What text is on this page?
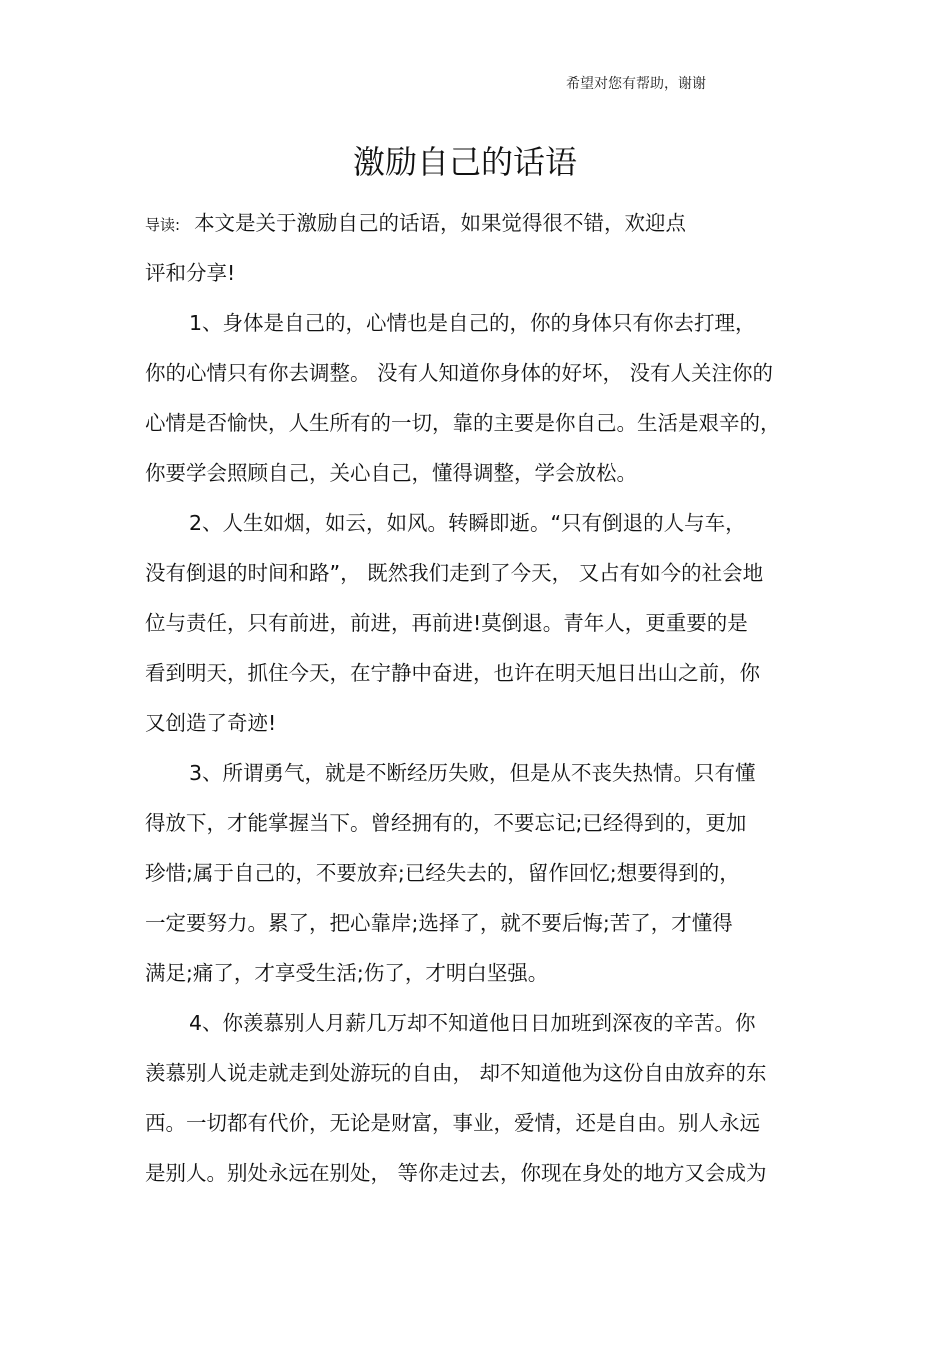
希望对您有帮助，谢谢
激励自己的话语
导读: 本文是关于激励自己的话语，如果觉得很不错，欢迎点
评和分享!
1、身体是自己的，心情也是自己的，你的身体只有你去打理，
你的心情只有你去调整。 没有人知道你身体的好坏， 没有人关注你的
心情是否愉快，人生所有的一切，靠的主要是你自己。生活是艰辛的，
你要学会照顾自己，关心自己，懂得调整，学会放松。
2、人生如烟，如云，如风。转瞬即逝。“只有倒退的人与车，
没有倒退的时间和路”， 既然我们走到了今天， 又占有如今的社会地
位与责任，只有前进，前进，再前进!莫倒退。青年人，更重要的是
看到明天，抓住今天，在宁静中奋进，也许在明天旭日出山之前，你
又创造了奇迹!
3、所谓勇气，就是不断经历失败，但是从不丧失热情。只有懂
得放下，才能掌握当下。曾经拥有的，不要忘记;已经得到的，更加
珍惜;属于自己的，不要放弃;已经失去的，留作回忆;想要得到的，
一定要努力。累了，把心靠岸;选择了，就不要后悔;苦了，才懂得
满足;痛了，才享受生活;伤了，才明白坚强。
4、你羡慕别人月薪几万却不知道他日日加班到深夜的辛苦。你
羡慕别人说走就走到处游玩的自由， 却不知道他为这份自由放弃的东
西。一切都有代价，无论是财富，事业，爱情，还是自由。别人永远
是别人。别处永远在别处， 等你走过去，你现在身处的地方又会成为
